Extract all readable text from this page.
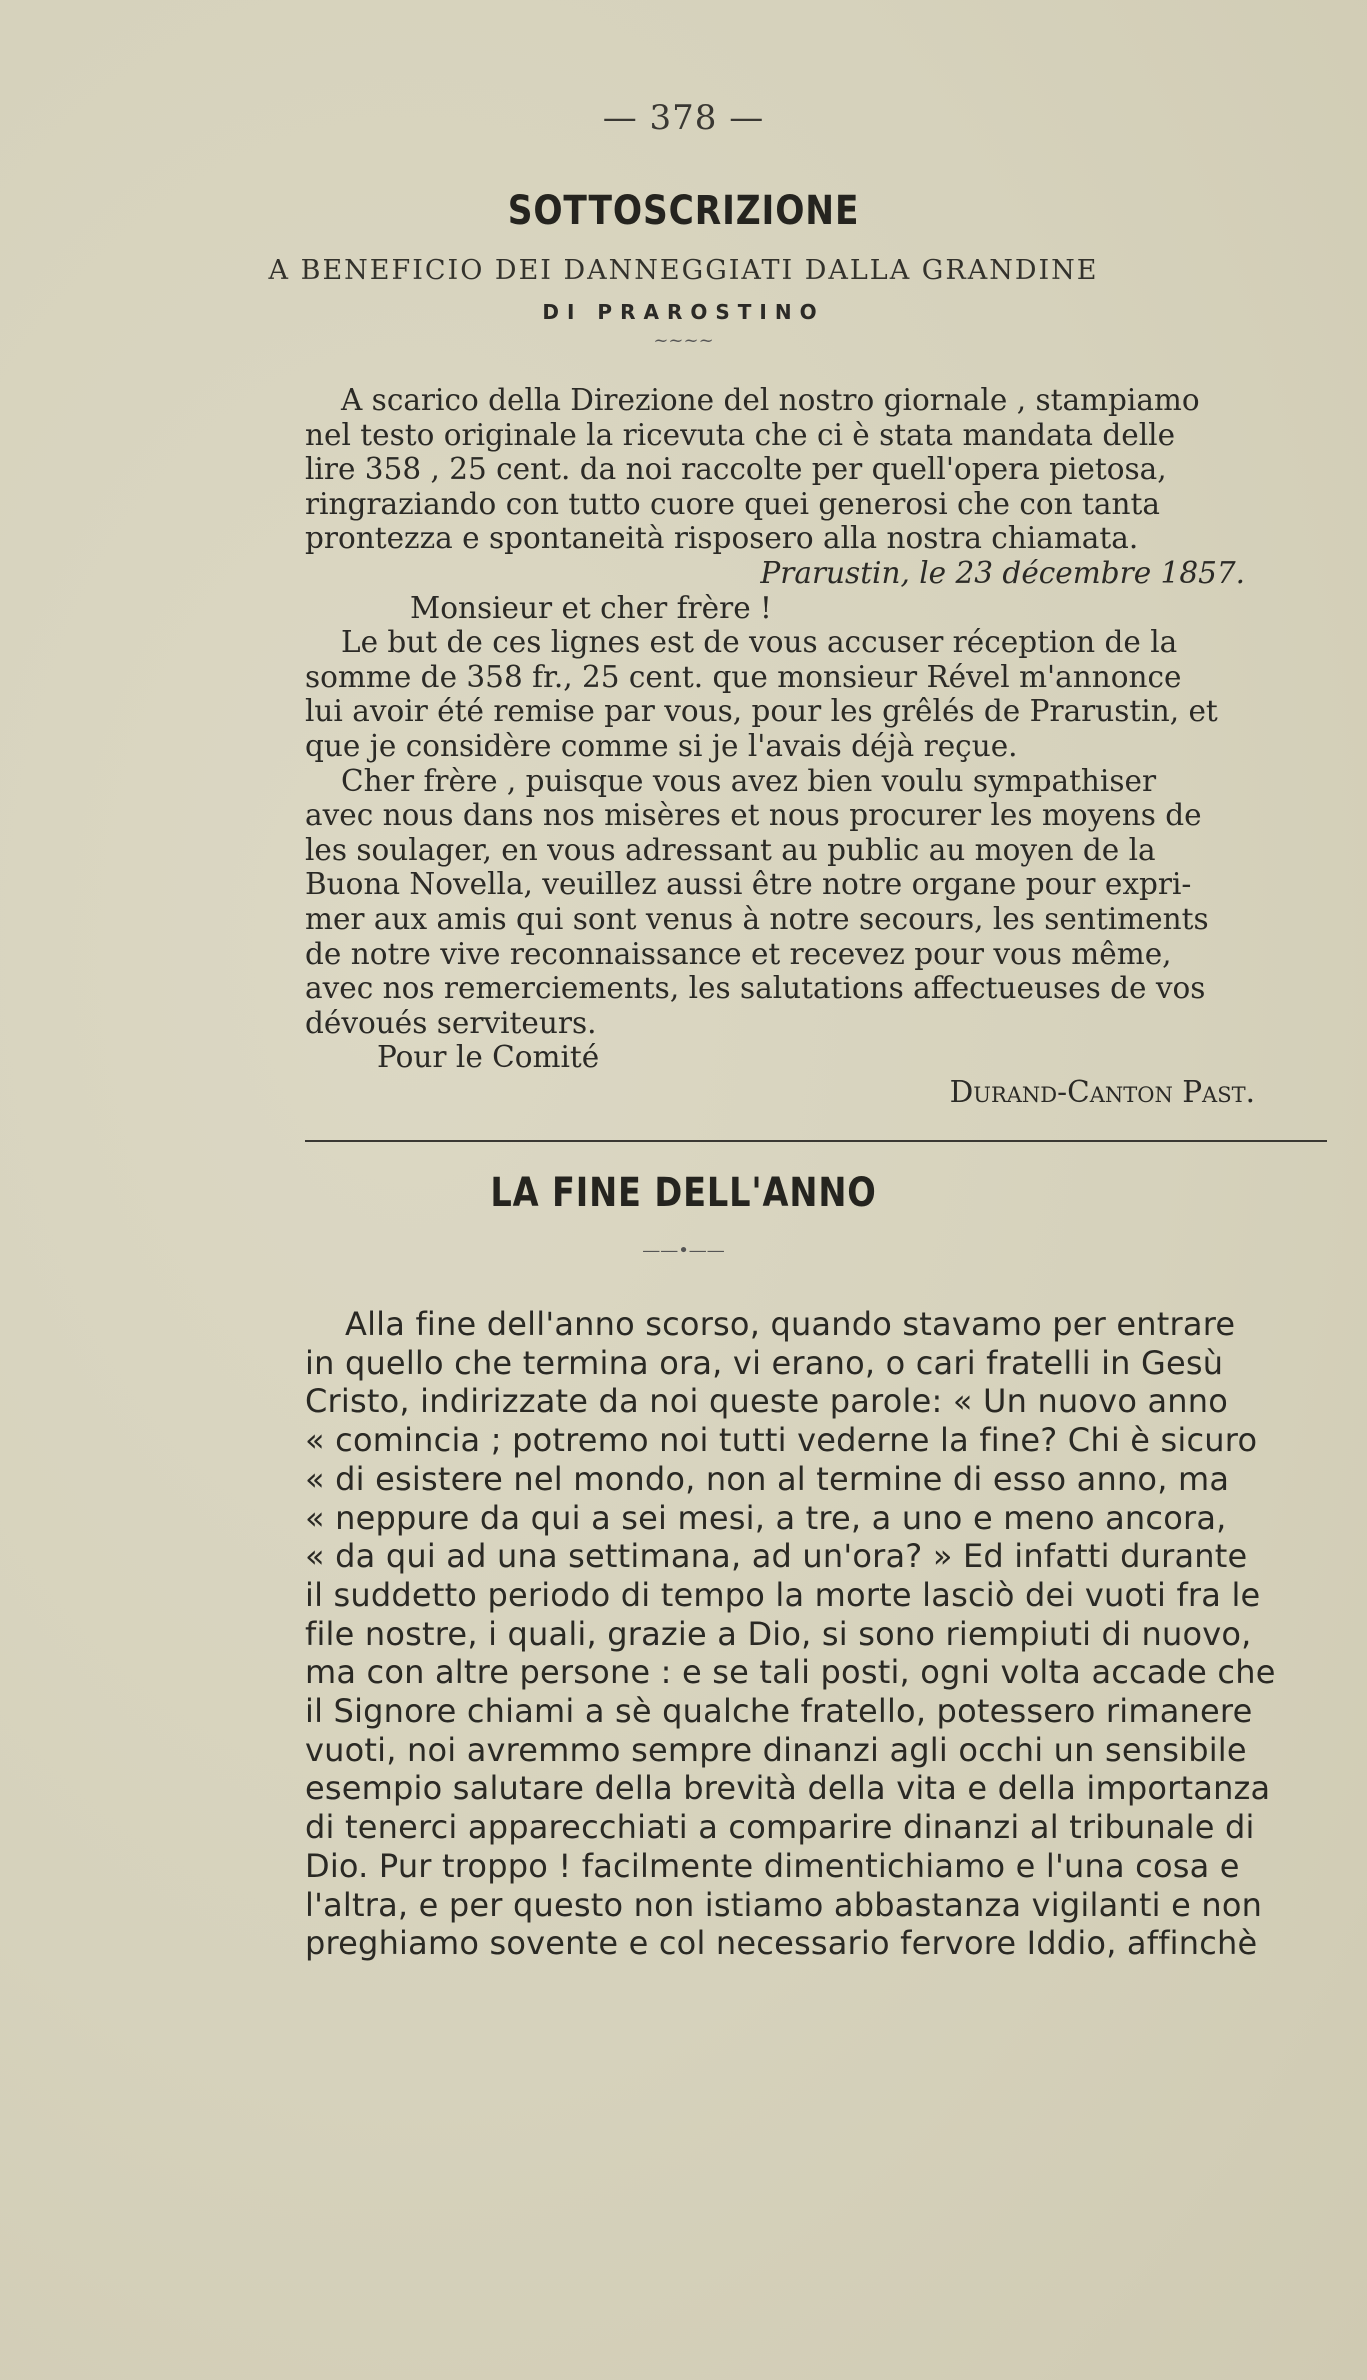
— 378 —
SOTTOSCRIZIONE
A BENEFICIO DEI DANNEGGIATI DALLA GRANDINE
DI PRAROSTINO
~~~~
A scarico della Direzione del nostro giornale , stampiamo
nel testo originale la ricevuta che ci è stata mandata delle
lire 358 , 25 cent. da noi raccolte per quell'opera pietosa,
ringraziando con tutto cuore quei generosi che con tanta
prontezza e spontaneità risposero alla nostra chiamata.
Prarustin, le 23 décembre 1857.
Monsieur et cher frère !
Le but de ces lignes est de vous accuser réception de la
somme de 358 fr., 25 cent. que monsieur Rével m'annonce
lui avoir été remise par vous, pour les grêlés de Prarustin, et
que je considère comme si je l'avais déjà reçue.
Cher frère , puisque vous avez bien voulu sympathiser
avec nous dans nos misères et nous procurer les moyens de
les soulager, en vous adressant au public au moyen de la
Buona Novella, veuillez aussi être notre organe pour expri-
mer aux amis qui sont venus à notre secours, les sentiments
de notre vive reconnaissance et recevez pour vous même,
avec nos remerciements, les salutations affectueuses de vos
dévoués serviteurs.
Pour le Comité
Durand-Canton Past.
LA FINE DELL'ANNO
——•——
Alla fine dell'anno scorso, quando stavamo per entrare
in quello che termina ora, vi erano, o cari fratelli in Gesù
Cristo, indirizzate da noi queste parole: « Un nuovo anno
« comincia ; potremo noi tutti vederne la fine? Chi è sicuro
« di esistere nel mondo, non al termine di esso anno, ma
« neppure da qui a sei mesi, a tre, a uno e meno ancora,
« da qui ad una settimana, ad un'ora? » Ed infatti durante
il suddetto periodo di tempo la morte lasciò dei vuoti fra le
file nostre, i quali, grazie a Dio, si sono riempiuti di nuovo,
ma con altre persone : e se tali posti, ogni volta accade che
il Signore chiami a sè qualche fratello, potessero rimanere
vuoti, noi avremmo sempre dinanzi agli occhi un sensibile
esempio salutare della brevità della vita e della importanza
di tenerci apparecchiati a comparire dinanzi al tribunale di
Dio. Pur troppo ! facilmente dimentichiamo e l'una cosa e
l'altra, e per questo non istiamo abbastanza vigilanti e non
preghiamo sovente e col necessario fervore Iddio, affinchè
